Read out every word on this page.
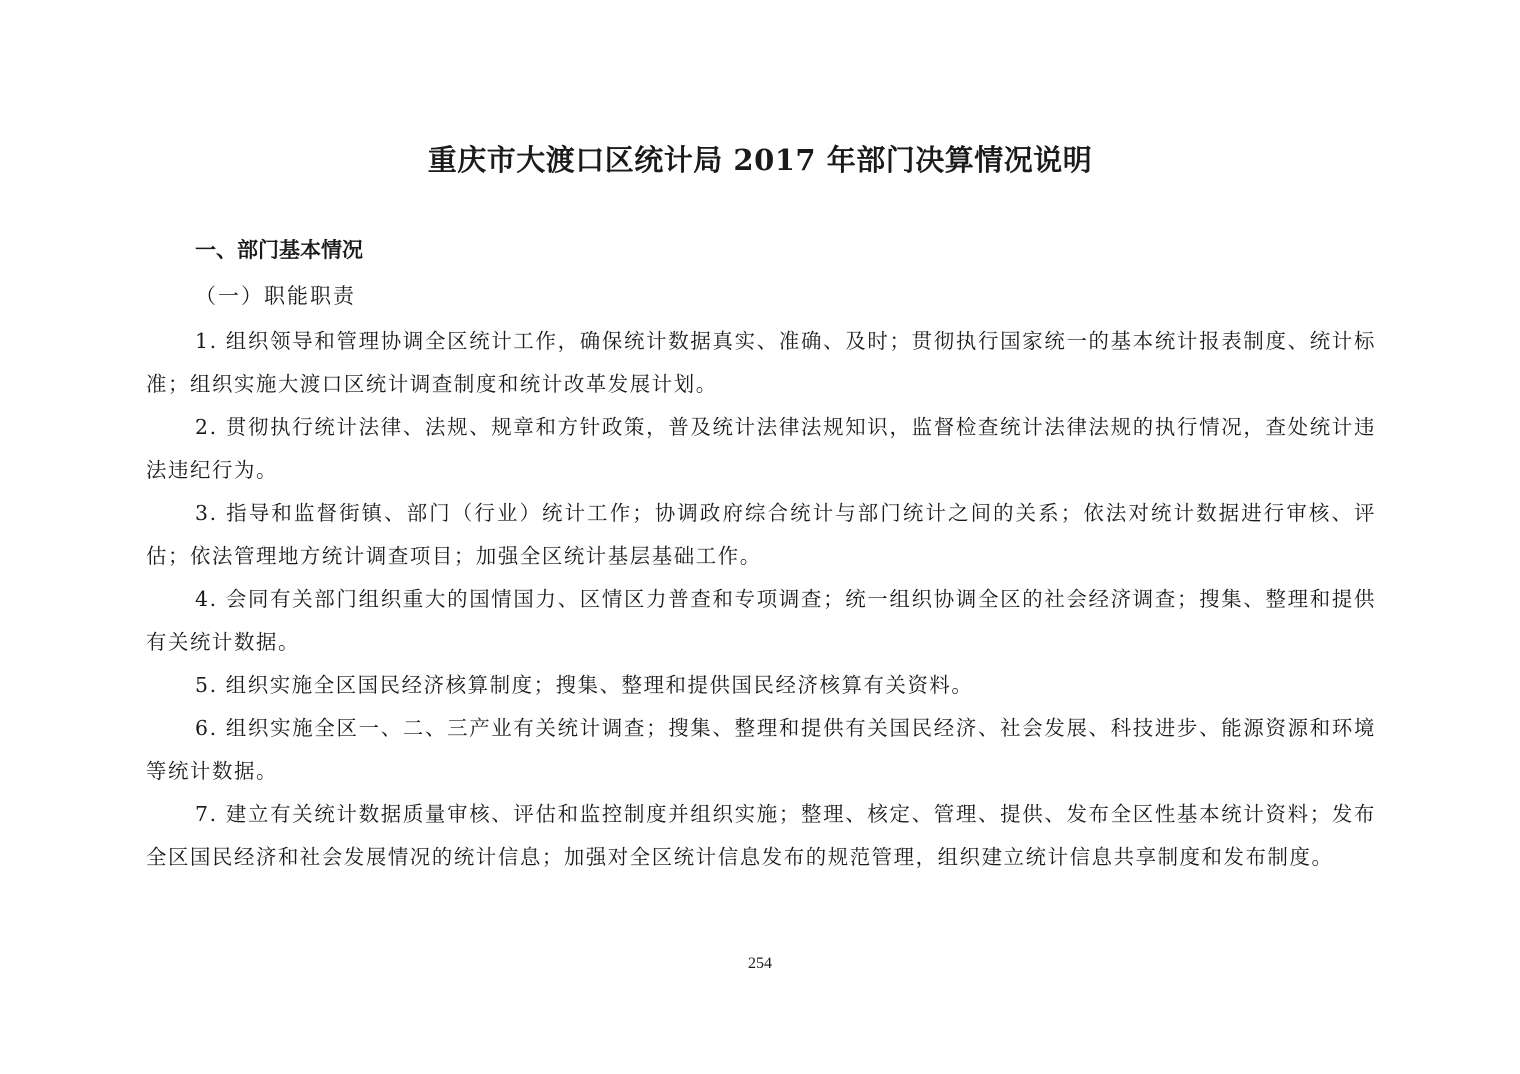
重庆市大渡口区统计局 2017 年部门决算情况说明
一、部门基本情况
（一）职能职责

1. 组织领导和管理协调全区统计工作，确保统计数据真实、准确、及时；贯彻执行国家统一的基本统计报表制度、统计标准；组织实施大渡口区统计调查制度和统计改革发展计划。

2. 贯彻执行统计法律、法规、规章和方针政策，普及统计法律法规知识，监督检查统计法律法规的执行情况，查处统计违法违纪行为。

3. 指导和监督街镇、部门（行业）统计工作；协调政府综合统计与部门统计之间的关系；依法对统计数据进行审核、评估；依法管理地方统计调查项目；加强全区统计基层基础工作。

4. 会同有关部门组织重大的国情国力、区情区力普查和专项调查；统一组织协调全区的社会经济调查；搜集、整理和提供有关统计数据。

5. 组织实施全区国民经济核算制度；搜集、整理和提供国民经济核算有关资料。

6. 组织实施全区一、二、三产业有关统计调查；搜集、整理和提供有关国民经济、社会发展、科技进步、能源资源和环境等统计数据。

7. 建立有关统计数据质量审核、评估和监控制度并组织实施；整理、核定、管理、提供、发布全区性基本统计资料；发布全区国民经济和社会发展情况的统计信息；加强对全区统计信息发布的规范管理，组织建立统计信息共享制度和发布制度。

254
